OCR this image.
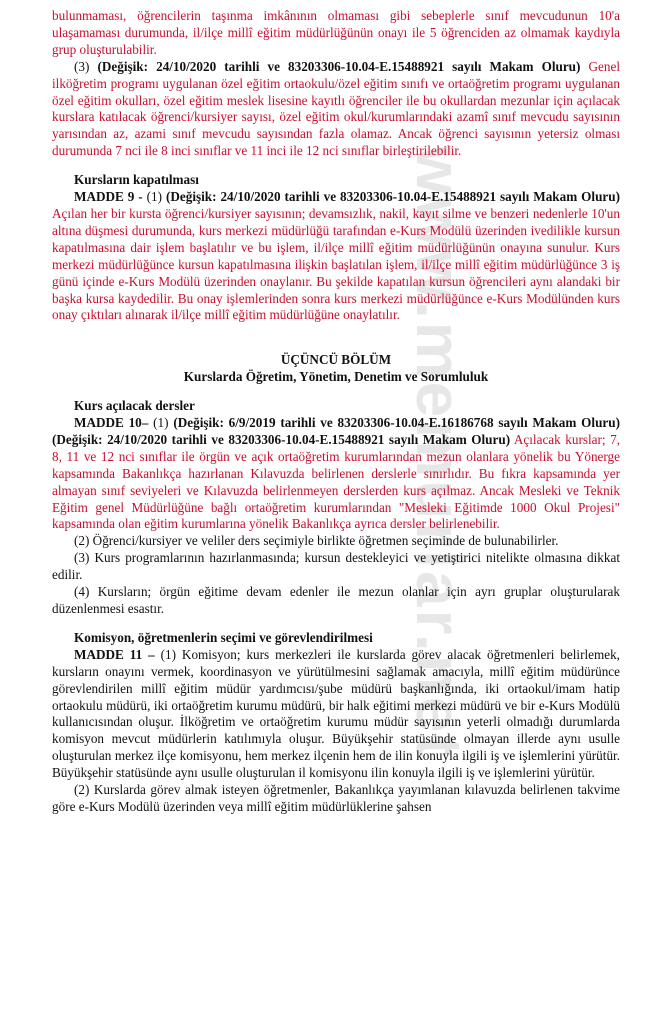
www.memurlar.net

bulunmaması, öğrencilerin taşınma imkânının olmaması gibi sebeplerle sınıf mevcudunun 10'a ulaşamaması durumunda, il/ilçe millî eğitim müdürlüğünün onayı ile 5 öğrenciden az olmamak kaydıyla grup oluşturulabilir.

(3) (Değişik: 24/10/2020 tarihli ve 83203306-10.04-E.15488921 sayılı Makam Oluru) Genel ilköğretim programı uygulanan özel eğitim ortaokulu/özel eğitim sınıfı ve ortaöğretim programı uygulanan özel eğitim okulları, özel eğitim meslek lisesine kayıtlı öğrenciler ile bu okullardan mezunlar için açılacak kurslara katılacak öğrenci/kursiyer sayısı, özel eğitim okul/kurumlarındaki azamî sınıf mevcudu sayısının yarısından az, azami sınıf mevcudu sayısından fazla olamaz. Ancak öğrenci sayısının yetersiz olması durumunda 7 nci ile 8 inci sınıflar ve 11 inci ile 12 nci sınıflar birleştirilebilir.

Kursların kapatılması

MADDE 9 - (1) (Değişik: 24/10/2020 tarihli ve 83203306-10.04-E.15488921 sayılı Makam Oluru) Açılan her bir kursta öğrenci/kursiyer sayısının; devamsızlık, nakil, kayıt silme ve benzeri nedenlerle 10'un altına düşmesi durumunda, kurs merkezi müdürlüğü tarafından e-Kurs Modülü üzerinden ivedilikle kursun kapatılmasına dair işlem başlatılır ve bu işlem, il/ilçe millî eğitim müdürlüğünün onayına sunulur. Kurs merkezi müdürlüğünce kursun kapatılmasına ilişkin başlatılan işlem, il/ilçe millî eğitim müdürlüğünce 3 iş günü içinde e-Kurs Modülü üzerinden onaylanır. Bu şekilde kapatılan kursun öğrencileri aynı alandaki bir başka kursa kaydedilir. Bu onay işlemlerinden sonra kurs merkezi müdürlüğünce e-Kurs Modülünden kurs onay çıktıları alınarak il/ilçe millî eğitim müdürlüğüne onaylatılır.

ÜÇÜNCÜ BÖLÜM

Kurslarda Öğretim, Yönetim, Denetim ve Sorumluluk

Kurs açılacak dersler

MADDE 10– (1) (Değişik: 6/9/2019 tarihli ve 83203306-10.04-E.16186768 sayılı Makam Oluru) (Değişik: 24/10/2020 tarihli ve 83203306-10.04-E.15488921 sayılı Makam Oluru) Açılacak kurslar; 7, 8, 11 ve 12 nci sınıflar ile örgün ve açık ortaöğretim kurumlarından mezun olanlara yönelik bu Yönerge kapsamında Bakanlıkça hazırlanan Kılavuzda belirlenen derslerle sınırlıdır. Bu fıkra kapsamında yer almayan sınıf seviyeleri ve Kılavuzda belirlenmeyen derslerden kurs açılmaz. Ancak Mesleki ve Teknik Eğitim genel Müdürlüğüne bağlı ortaöğretim kurumlarından "Mesleki Eğitimde 1000 Okul Projesi" kapsamında olan eğitim kurumlarına yönelik Bakanlıkça ayrıca dersler belirlenebilir.

(2) Öğrenci/kursiyer ve veliler ders seçimiyle birlikte öğretmen seçiminde de bulunabilirler.

(3) Kurs programlarının hazırlanmasında; kursun destekleyici ve yetiştirici nitelikte olmasına dikkat edilir.

(4) Kursların; örgün eğitime devam edenler ile mezun olanlar için ayrı gruplar oluşturularak düzenlenmesi esastır.

Komisyon, öğretmenlerin seçimi ve görevlendirilmesi

MADDE 11 – (1) Komisyon; kurs merkezleri ile kurslarda görev alacak öğretmenleri belirlemek, kursların onayını vermek, koordinasyon ve yürütülmesini sağlamak amacıyla, millî eğitim müdürünce görevlendirilen millî eğitim müdür yardımcısı/şube müdürü başkanlığında, iki ortaokul/imam hatip ortaokulu müdürü, iki ortaöğretim kurumu müdürü, bir halk eğitimi merkezi müdürü ve bir e-Kurs Modülü kullanıcısından oluşur. İlköğretim ve ortaöğretim kurumu müdür sayısının yeterli olmadığı durumlarda komisyon mevcut müdürlerin katılımıyla oluşur. Büyükşehir statüsünde olmayan illerde aynı usulle oluşturulan merkez ilçe komisyonu, hem merkez ilçenin hem de ilin konuyla ilgili iş ve işlemlerini yürütür. Büyükşehir statüsünde aynı usulle oluşturulan il komisyonu ilin konuyla ilgili iş ve işlemlerini yürütür.

(2) Kurslarda görev almak isteyen öğretmenler, Bakanlıkça yayımlanan kılavuzda belirlenen takvime göre e-Kurs Modülü üzerinden veya millî eğitim müdürlüklerine şahsen
